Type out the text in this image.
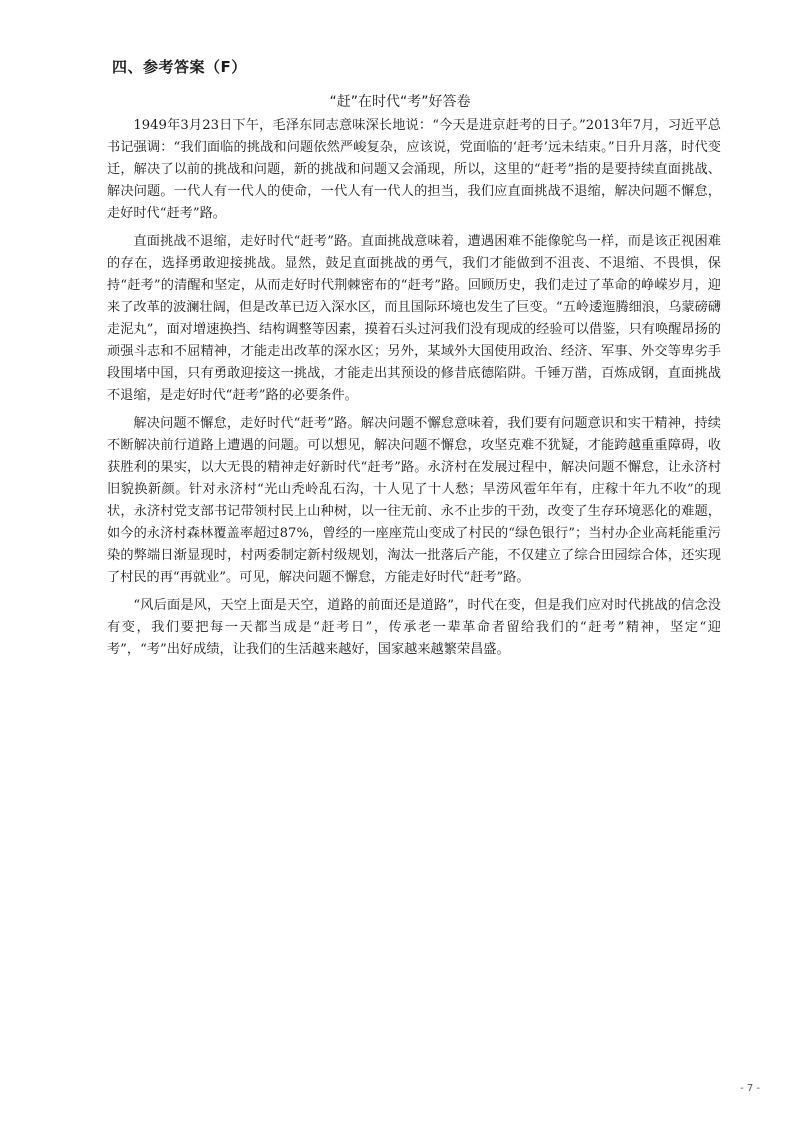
四、参考答案（F）
“赶”在时代“考”好答卷

1949年3月23日下午，毛泽东同志意味深长地说：“今天是进京赶考的日子。”2013年7月，习近平总书记强调：“我们面临的挑战和问题依然严峻复杂，应该说，党面临的‘赶考’远未结束。”日升月落，时代变迁，解决了以前的挑战和问题，新的挑战和问题又会涌现，所以，这里的“赶考”指的是要持续直面挑战、解决问题。一代人有一代人的使命，一代人有一代人的担当，我们应直面挑战不退缩，解决问题不懈怠，走好时代“赶考”路。

直面挑战不退缩，走好时代“赶考”路。直面挑战意味着，遭遇困难不能像鸵鸟一样，而是该正视困难的存在，选择勇敢迎接挑战。显然，鼓足直面挑战的勇气，我们才能做到不沮丧、不退缩、不畏惧，保持“赶考”的清醒和坚定，从而走好时代荆棘密布的“赶考”路。回顾历史，我们走过了革命的峥嵘岁月，迎来了改革的波澜壮阔，但是改革已迈入深水区，而且国际环境也发生了巨变。“五岭逶迤腾细浪，乌蒙磅礴走泥丸”，面对增速换挡、结构调整等因素，摸着石头过河我们没有现成的经验可以借鉴，只有唤醒昂扬的顽强斗志和不屈精神，才能走出改革的深水区；另外，某域外大国使用政治、经济、军事、外交等卑劣手段围堵中国，只有勇敢迎接这一挑战，才能走出其预设的修昔底德陷阱。千锤万凿，百炼成钢，直面挑战不退缩，是走好时代“赶考”路的必要条件。

解决问题不懈怠，走好时代“赶考”路。解决问题不懈怠意味着，我们要有问题意识和实干精神，持续不断解决前行道路上遭遇的问题。可以想见，解决问题不懈怠，攻坚克难不犹疑，才能跨越重重障碍，收获胜利的果实，以大无畏的精神走好新时代“赶考”路。永济村在发展过程中，解决问题不懈怠，让永济村旧貌换新颜。针对永济村“光山秃岭乱石沟，十人见了十人愁；旱涝风雹年年有，庄稼十年九不收”的现状，永济村党支部书记带领村民上山种树，以一往无前、永不止步的干劲，改变了生存环境恶化的难题，如今的永济村森林覆盖率超过87%，曾经的一座座荒山变成了村民的“绿色银行”；当村办企业高耗能重污染的弊端日渐显现时，村两委制定新村级规划，淘汰一批落后产能，不仅建立了综合田园综合体，还实现了村民的再“再就业”。可见，解决问题不懈怠，方能走好时代“赶考”路。

“风后面是风，天空上面是天空，道路的前面还是道路”，时代在变，但是我们应对时代挑战的信念没有变，我们要把每一天都当成是“赶考日”，传承老一辈革命者留给我们的“赶考”精神，坚定“迎考”，“考”出好成绩，让我们的生活越来越好，国家越来越繁荣昌盛。

- 7 -
